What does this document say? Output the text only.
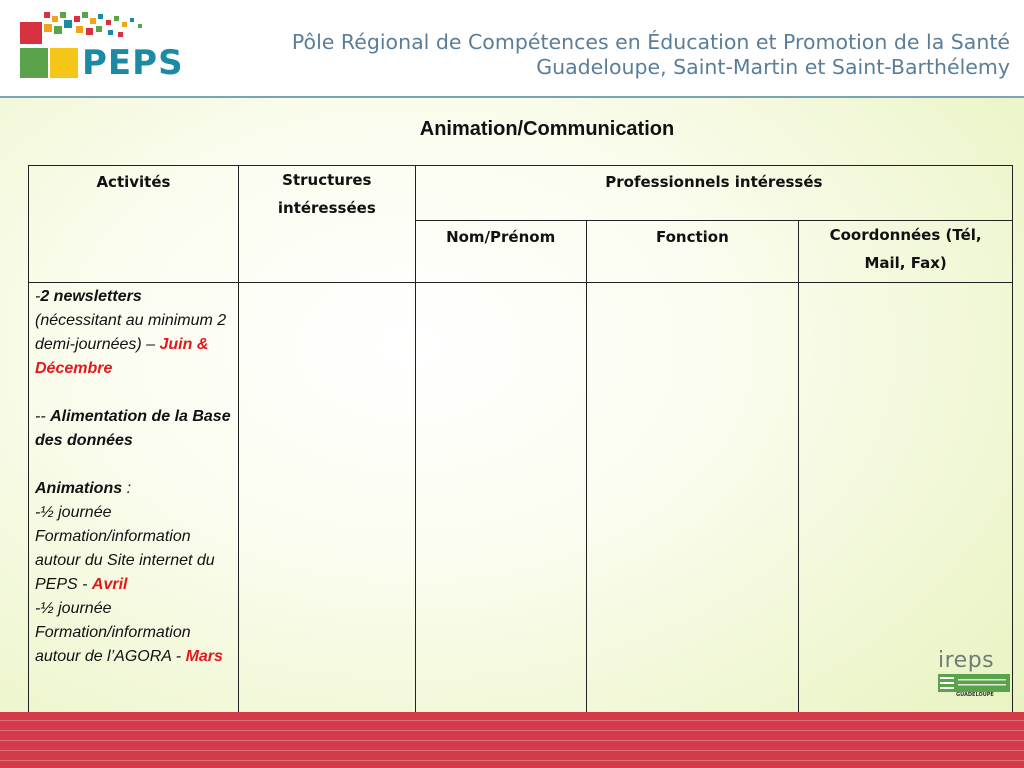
PEPS
Pôle Régional de Compétences en Éducation et Promotion de la Santé
Guadeloupe, Saint-Martin et Saint-Barthélemy
Animation/Communication
Activités	Structures intéressées	Professionnels intéressés		
		Nom/Prénom	Fonction	Coordonnées (Tél, Mail, Fax)

-2 newsletters (nécessitant au minimum 2 demi-journées) – Juin & Décembre
-- Alimentation de la Base des données
Animations :
-½ journée Formation/information autour du Site internet du PEPS - Avril
-½ journée Formation/information autour de l’AGORA - Mars				
					ireps
GUADELOUPE
